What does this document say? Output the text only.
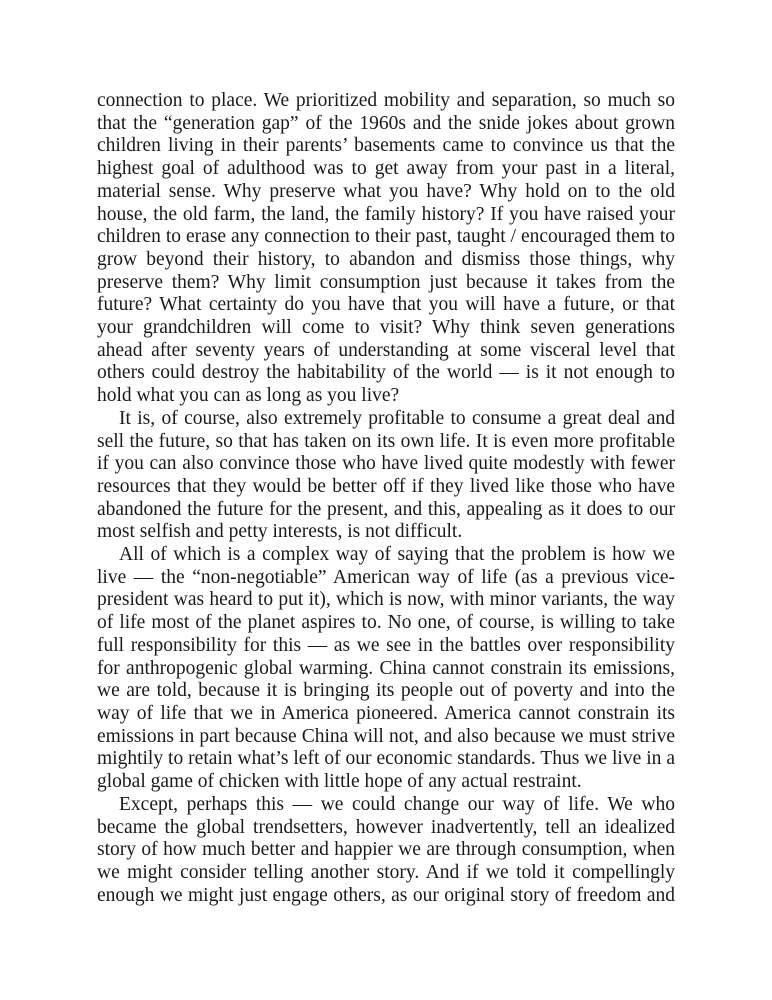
connection to place. We prioritized mobility and separation, so much so that the “generation gap” of the 1960s and the snide jokes about grown children living in their parents’ basements came to convince us that the highest goal of adulthood was to get away from your past in a literal, material sense. Why preserve what you have? Why hold on to the old house, the old farm, the land, the family history? If you have raised your children to erase any connection to their past, taught / encouraged them to grow beyond their history, to abandon and dismiss those things, why preserve them? Why limit consumption just because it takes from the future? What certainty do you have that you will have a future, or that your grandchildren will come to visit? Why think seven generations ahead after seventy years of understanding at some visceral level that others could destroy the habitability of the world — is it not enough to hold what you can as long as you live?

It is, of course, also extremely profitable to consume a great deal and sell the future, so that has taken on its own life. It is even more profitable if you can also convince those who have lived quite modestly with fewer resources that they would be better off if they lived like those who have abandoned the future for the present, and this, appealing as it does to our most selfish and petty interests, is not difficult.

All of which is a complex way of saying that the problem is how we live — the “non-negotiable” American way of life (as a previous vice-president was heard to put it), which is now, with minor variants, the way of life most of the planet aspires to. No one, of course, is willing to take full responsibility for this — as we see in the battles over responsibility for anthropogenic global warming. China cannot constrain its emissions, we are told, because it is bringing its people out of poverty and into the way of life that we in America pioneered. America cannot constrain its emissions in part because China will not, and also because we must strive mightily to retain what’s left of our economic standards. Thus we live in a global game of chicken with little hope of any actual restraint.

Except, perhaps this — we could change our way of life. We who became the global trendsetters, however inadvertently, tell an idealized story of how much better and happier we are through consumption, when we might consider telling another story. And if we told it compellingly enough we might just engage others, as our original story of freedom and
